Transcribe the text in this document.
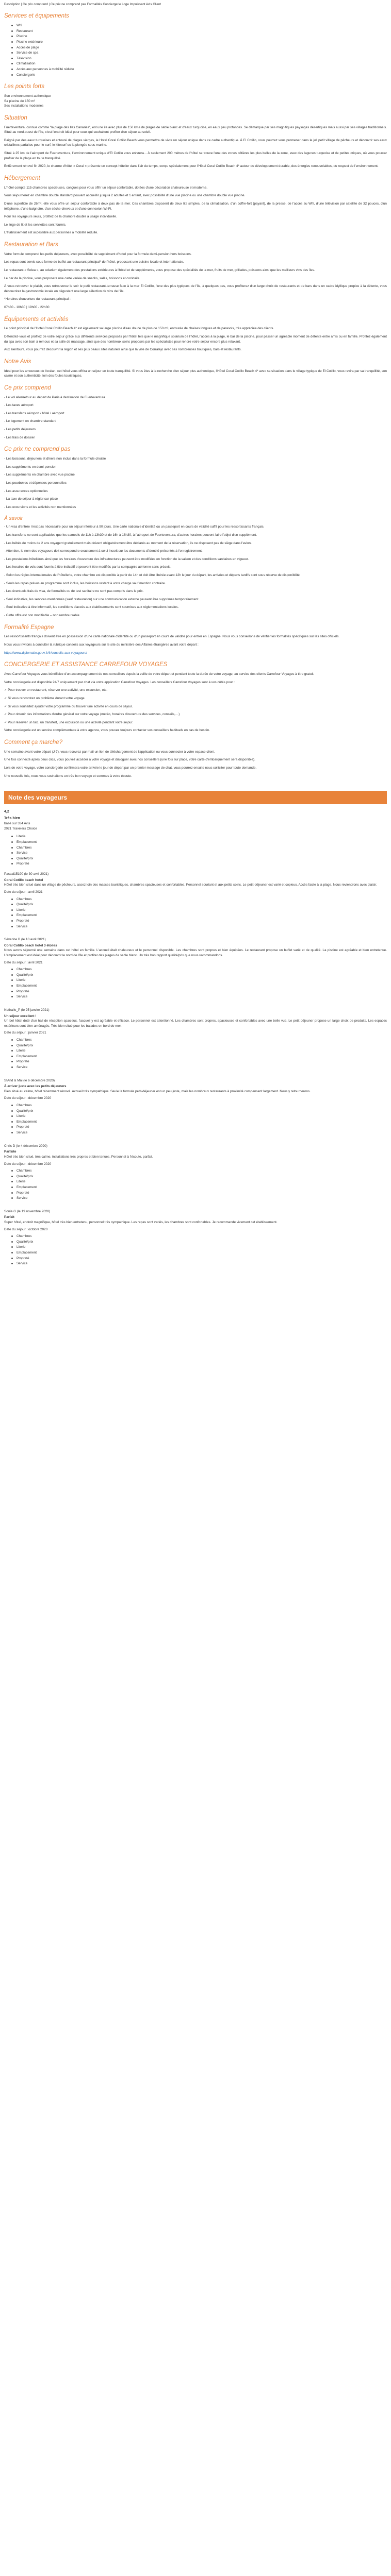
Description | Ce prix comprend | Ce prix ne comprend pas Formalités Conciergerie Loge Impuissant Avis Client
Services et équipements
Wifi
Restaurant
Piscine
Piscine extérieure
Accès de plage
Service de spa
Télévision
Climatisation
Accès aux personnes à mobilité réduite
Conciergerie
Les points forts
Son environnement authentique
Sa piscine de 150 m²
Ses installations modernes
Situation

Fuerteventura, connue comme "la plage des Iles Canaries", est une île avec plus de 150 kms de plages de sable blanc et d'eaux turquoise, en eaux peu profondes. Se démarque par ses magnifiques paysages désertiques mais aussi par ses villages traditionnels. Situé au nord-ouest de l'île, c'est l'endroit idéal pour ceux qui souhaitent profiter d'un séjour au soleil.

Baigné par des eaux turquoises et entouré de plages vierges, le Hotel Coral Cotillo Beach vous permettra de vivre un séjour unique dans ce cadre authentique. À El Cotillo, vous pourrez vous promener dans le joli petit village de pêcheurs et découvrir ses eaux cristallines parfaites pour le surf, le kitesurf ou la plongée sous-marine.

Situé à 25 km de l'aéroport de Fuerteventura, l'environnement unique d'El Cotillo vous enivrera... À seulement 200 mètres de l'hôtel se trouve l'une des zones côtières les plus belles de la zone, avec des lagunes turquoise et de petites criques, où vous pourrez profiter de la plage en toute tranquillité.

Entièrement rénové fin 2020, le charme d'hôtel « Coral » présente un concept hôtelier dans l'air du temps, conçu spécialement pour l'Hôtel Coral Cotillo Beach 4* autour du développement durable, des énergies renouvelables, du respect de l'environnement.

Hébergement

L'hôtel compte 115 chambres spacieuses, conçues pour vous offrir un séjour confortable, dotées d'une décoration chaleureuse et moderne.

Vous séjournerez en chambre double standard pouvant accueillir jusqu'à 2 adultes et 1 enfant, avec possibilité d'une vue piscine ou une chambre double vue piscine.

D'une superficie de 26m², elle vous offre un séjour confortable à deux pas de la mer. Ces chambres disposent de deux lits simples, de la climatisation, d'un coffre-fort (payant), de la presse, de l'accès au Wifi, d'une télévision par satellite de 32 pouces, d'un téléphone, d'une baignoire, d'un sèche-cheveux et d'une connexion Wi-Fi.

Pour les voyageurs seuls, profitez de la chambre double à usage individuelle.

Le linge de lit et les serviettes sont fournis.

L'établissement est accessible aux personnes à mobilité réduite.

Restauration et Bars

Votre formule comprend les petits déjeuners, avec possibilité de supplément d'hotel pour la formule demi-pension hors boissons.

Les repas sont servis sous forme de buffet au restaurant principal* de l'hôtel, proposant une cuisine locale et internationale.

Le restaurant « Solea », au solarium également des prestations extérieures à l'hôtel et de suppléments, vous propose des spécialités de la mer, fruits de mer, grillades, poissons ainsi que les meilleurs vins des îles.

Le bar de la piscine, vous proposera une carte variée de snacks, salés, boissons et cocktails.

À vous retrouver le plaisir, vous retrouverez le soir le petit restaurant-terrasse face à la mer El Cotillo, l'une des plus typiques de l'île, à quelques pas, vous profiterez d'un large choix de restaurants et de bars dans un cadre idyllique propice à la détente, vous découvrirez la gastronomie locale en dégustant une large sélection de vins de l'île.

*Horaires d'ouverture du restaurant principal :

07h30 - 10h30 | 19h00 - 22h30

Équipements et activités

Le point principal de l'Hotel Coral Cotillo Beach 4* est également sa large piscine d'eau douce de plus de 150 m², entourée de chaises longues et de parasols, très appréciée des clients.

Détendez-vous et profitez de votre séjour grâce aux différents services proposés par l'hôtel tels que le magnifique solarium de l'hôtel, l'accès à la plage, le bar de la piscine, pour passer un agréable moment de détente entre amis ou en famille. Profitez également du spa avec son bain à remous et sa salle de massage, ainsi que des nombreux soins proposés par les spécialistes pour rendre votre séjour encore plus relaxant.

Aux alentours, vous pourrez découvrir la région et ses plus beaux sites naturels ainsi que la ville de Corralejo avec ses nombreuses boutiques, bars et restaurants.

Notre Avis

Idéal pour les amoureux de l'océan, cet hôtel vous offrira un séjour en toute tranquillité. Si vous êtes à la recherche d'un séjour plus authentique, l'Hôtel Coral Cotillo Beach 4* avec sa situation dans le village typique de El Cotillo, vous ravira par sa tranquillité, son calme et son authenticité, loin des foules touristiques.

Ce prix comprend

- Le vol aller/retour au départ de Paris à destination de Fuerteventura

- Les taxes aéroport

- Les transferts aéroport / hôtel / aéroport

- Le logement en chambre standard

- Les petits déjeuners

- Les frais de dossier

Ce prix ne comprend pas

- Les boissons, déjeuners et dîners non inclus dans la formule choisie

- Les suppléments en demi-pension

- Les suppléments en chambre avec vue piscine

- Les pourboires et dépenses personnelles

- Les assurances optionnelles

- La taxe de séjour à régler sur place

- Les excursions et les activités non mentionnées

À savoir

- Un visa d'entrée n'est pas nécessaire pour un séjour inférieur à 90 jours. Une carte nationale d'identité ou un passeport en cours de validité suffit pour les ressortissants français.

- Les transferts ne sont applicables que les samedis de 11h à 13h30 et de 16h à 18h30, à l'aéroport de Fuerteventura, d'autres horaires peuvent faire l'objet d'un supplément.

- Les bébés de moins de 2 ans voyagent gratuitement mais doivent obligatoirement être déclarés au moment de la réservation, ils ne disposent pas de siège dans l'avion.

- Attention, le nom des voyageurs doit correspondre exactement à celui inscrit sur les documents d'identité présentés à l'enregistrement.

- Les prestations hôtelières ainsi que les horaires d'ouverture des infrastructures peuvent être modifiées en fonction de la saison et des conditions sanitaires en vigueur.

- Les horaires de vols sont fournis à titre indicatif et peuvent être modifiés par la compagnie aérienne sans préavis.

- Selon les règles internationales de l'hôtellerie, votre chambre est disponible à partir de 14h et doit être libérée avant 12h le jour du départ, les arrivées et départs tardifs sont sous réserve de disponibilité.

- Seuls les repas prévus au programme sont inclus, les boissons restent à votre charge sauf mention contraire.

- Les éventuels frais de visa, de formalités ou de test sanitaire ne sont pas compris dans le prix.

- Seul indicative, les services mentionnés (sauf restauration) sur une communication externe peuvent être supprimés temporairement.

- Seul indicative à titre informatif, les conditions d'accès aux établissements sont soumises aux réglementations locales.

- Cette offre est non modifiable – non remboursable

Formalité Espagne

Les ressortissants français doivent être en possession d'une carte nationale d'identité ou d'un passeport en cours de validité pour entrer en Espagne. Nous vous conseillons de vérifier les formalités spécifiques sur les sites officiels.

Nous vous invitons à consulter la rubrique conseils aux voyageurs sur le site du ministère des Affaires étrangères avant votre départ :

https://www.diplomatie.gouv.fr/fr/conseils-aux-voyageurs/

CONCIERGERIE ET ASSISTANCE CARREFOUR VOYAGES

Avec Carrefour Voyages vous bénéficiez d'un accompagnement de nos conseillers depuis la veille de votre départ et pendant toute la durée de votre voyage, au service des clients Carrefour Voyages à titre gratuit.

Votre conciergerie est disponible 24/7 uniquement par chat via votre application Carrefour Voyages. Les conseillers Carrefour Voyages sont à vos côtés pour :

✓ Pour trouver un restaurant, réserver une activité, une excursion, etc.

✓ Si vous rencontrez un problème durant votre voyage.

✓ Si vous souhaitez ajouter votre programme ou trouver une activité en cours de séjour.

✓ Pour obtenir des informations d'ordre général sur votre voyage (météo, horaires d'ouverture des services, conseils,…)

✓ Pour réserver un taxi, un transfert, une excursion ou une activité pendant votre séjour.

Votre conciergerie est un service complémentaire à votre agence, vous pouvez toujours contacter vos conseillers habituels en cas de besoin.

Comment ça marche?

Une semaine avant votre départ (J-7), vous recevrez par mail un lien de téléchargement de l'application ou vous connecter à votre espace client.

Une fois connecté après deux clics, vous pouvez accéder à votre voyage et dialoguer avec nos conseillers (une fois sur place, votre carte d'embarquement sera disponible).

Lors de votre voyage, votre conciergerie confirmera votre arrivée le jour de départ par un premier message de chat, vous pourrez ensuite nous solliciter pour toute demande.

Une nouvelle fois, nous vous souhaitons un très bon voyage et sommes à votre écoute.

Note des voyageurs
4,2
Très bien
basé sur 334 Avis
2021 Travelers Choice
Literie
Emplacement
Chambres
Service
Qualité/prix
Propreté
Pascal15190 (le 30 avril 2021)
Coral Cotillo beach hotel

Hôtel très bien situé dans un village de pêcheurs, assez loin des masses touristiques, chambres spacieuses et confortables. Personnel souriant et aux petits soins. Le petit-déjeuner est varié et copieux. Accès facile à la plage. Nous reviendrons avec plaisir.

Date du séjour : avril 2021
Chambres
Qualité/prix
Literie
Emplacement
Propreté
Service
Séverine B (le 10 avril 2021)
Coral Cotillo beach hotel 3 étoiles

Nous avons séjourné une semaine dans cet hôtel en famille. L'accueil était chaleureux et le personnel disponible. Les chambres sont propres et bien équipées. Le restaurant propose un buffet varié et de qualité. La piscine est agréable et bien entretenue. L'emplacement est idéal pour découvrir le nord de l'île et profiter des plages de sable blanc. Un très bon rapport qualité/prix que nous recommandons.

Date du séjour : avril 2021
Chambres
Qualité/prix
Literie
Emplacement
Propreté
Service
Nathalie_P (le 25 janvier 2021)
Un séjour excellent !

Un bel hôtel doté d'un hall de réception spacieux, l'accueil y est agréable et efficace. Le personnel est attentionné. Les chambres sont propres, spacieuses et confortables avec une belle vue. Le petit déjeuner propose un large choix de produits. Les espaces extérieurs sont bien aménagés. Très bien situé pour les balades en bord de mer.

Date du séjour : janvier 2021
Chambres
Qualité/prix
Literie
Emplacement
Propreté
Service
StAnd & Mai (le 6 décembre 2020)
À arriver juste avec les petits déjeuners

Bien situé au calme, hôtel récemment rénové. Accueil très sympathique. Seule la formule petit-déjeuner est un peu juste, mais les nombreux restaurants à proximité compensent largement. Nous y retournerons.

Date du séjour : décembre 2020
Chambres
Qualité/prix
Literie
Emplacement
Propreté
Service
Chris D (le 4 décembre 2020)
Parfaite

Hôtel très bien situé, très calme, installations très propres et bien tenues. Personnel à l'écoute, parfait.

Date du séjour : décembre 2020
Chambres
Qualité/prix
Literie
Emplacement
Propreté
Service
Sonia G (le 19 novembre 2020)
Parfait

Super hôtel, endroit magnifique, hôtel très bien entretenu, personnel très sympathique. Les repas sont variés, les chambres sont confortables. Je recommande vivement cet établissement.

Date du séjour : octobre 2020
Chambres
Qualité/prix
Literie
Emplacement
Propreté
Service
